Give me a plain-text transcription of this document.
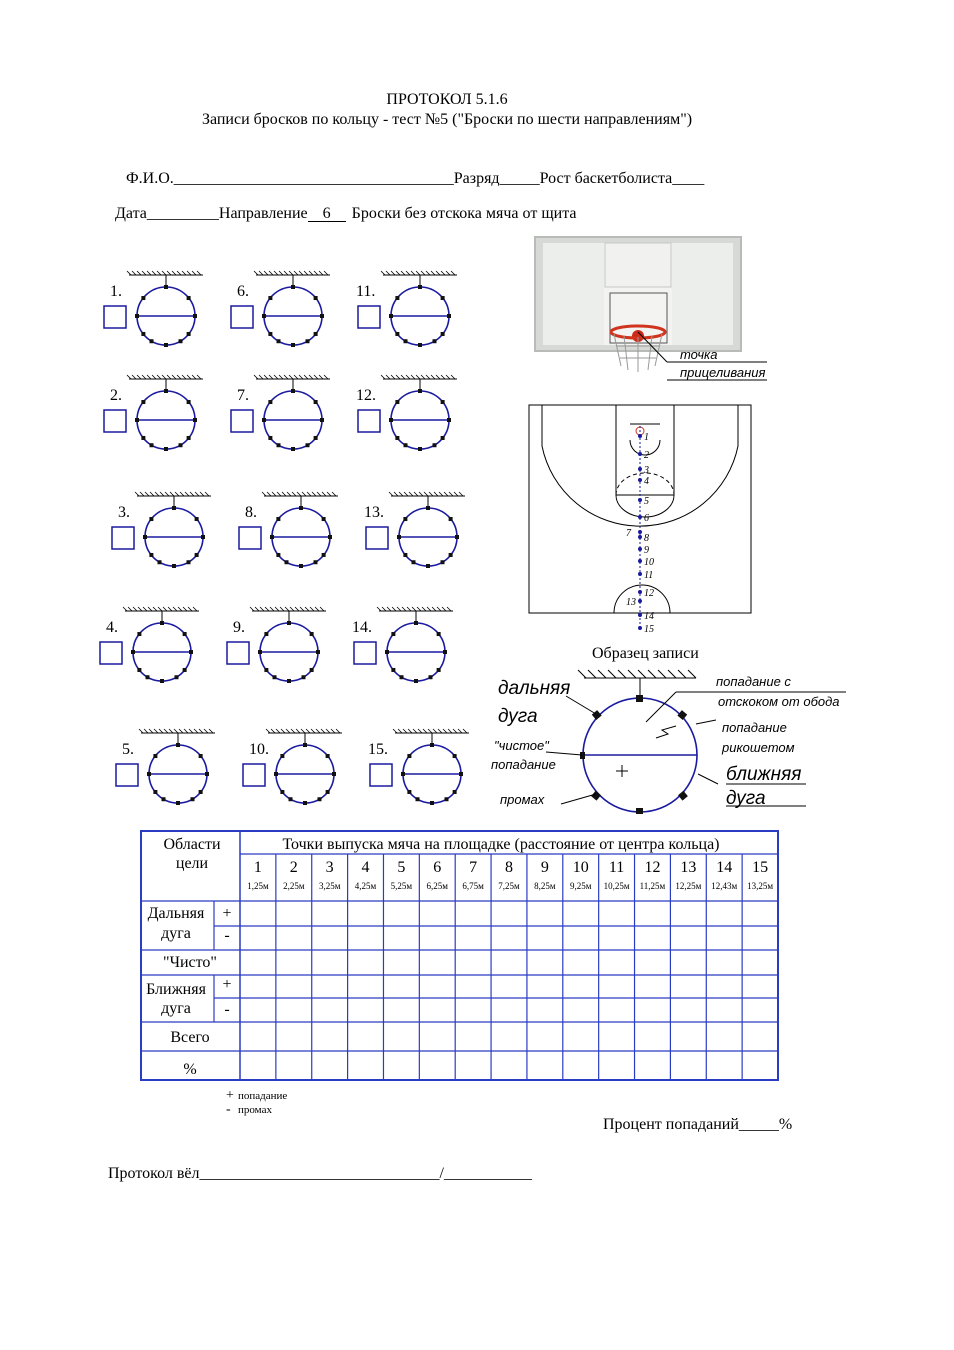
ПРОТОКОЛ 5.1.6
Записи бросков по кольцу - тест №5 ("Броски по шести направлениям")
Ф.И.О.___________________________________Разряд_____Рост баскетболиста____
Дата_________Направление 6 Броски без отскока мяча от щита
1.
2.
3.
4.
5.
6.
7.
8.
9.
10.
11.
12.
13.
14.
15.
точка
прицеливания
1
2
3
4
5
6
7 8
9
10
11
12
13
14
15
Образец записи
дальняя
дуга
попадание с
отскоком от обода
попадание
рикошетом
"чистое"
попадание	ближняя
дуга
промах
Области
цели
Точки выпуска мяча на площадке (расстояние от центра кольца)
Дальняя
дуга
+
-
"Чисто"
Ближняя
дуга
+
-
Всего
%
1
1,25м
2
2,25м
3
3,25м
4
4,25м
5
5,25м
6
6,25м
7
6,75м
8
7,25м
9
8,25м
10
9,25м
11
10,25м
12
11,25м
13
12,25м
14
12,43м
15
13,25м
+ попадание
- промах
Процент попаданий_____%
Протокол вёл______________________________/___________
